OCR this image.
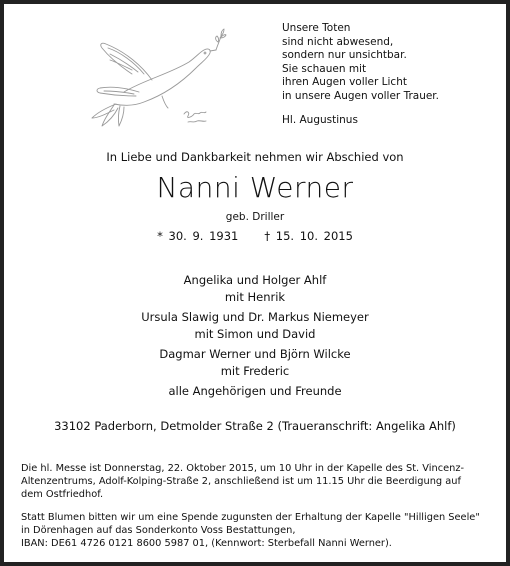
Unsere Toten
sind nicht abwesend,
sondern nur unsichtbar.
Sie schauen mit
ihren Augen voller Licht
in unsere Augen voller Trauer.
Hl. Augustinus
In Liebe und Dankbarkeit nehmen wir Abschied von
Nanni Werner
geb. Driller
* 30. 9. 1931 † 15. 10. 2015
Angelika und Holger Ahlf
mit Henrik
Ursula Slawig und Dr. Markus Niemeyer
mit Simon und David
Dagmar Werner und Björn Wilcke
mit Frederic
alle Angehörigen und Freunde
33102 Paderborn, Detmolder Straße 2 (Traueranschrift: Angelika Ahlf)
Die hl. Messe ist Donnerstag, 22. Oktober 2015, um 10 Uhr in der Kapelle des St. Vincenz-
Altenzentrums, Adolf-Kolping-Straße 2, anschließend ist um 11.15 Uhr die Beerdigung auf
dem Ostfriedhof.
Statt Blumen bitten wir um eine Spende zugunsten der Erhaltung der Kapelle "Hilligen Seele"
in Dörenhagen auf das Sonderkonto Voss Bestattungen,
IBAN: DE61 4726 0121 8600 5987 01, (Kennwort: Sterbefall Nanni Werner).
